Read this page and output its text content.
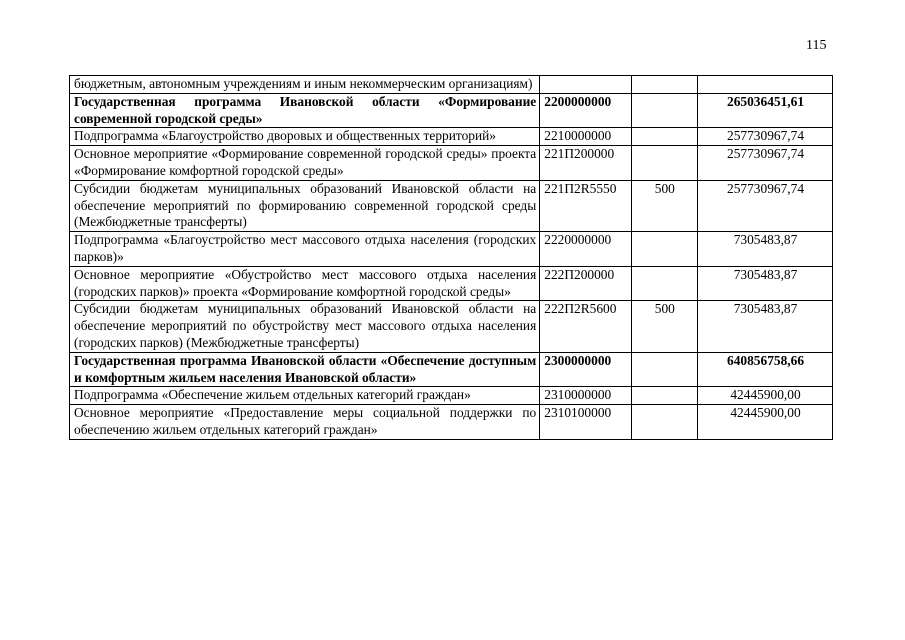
115
бюджетным, автономным учреждениям и иным некоммерческим организациям)			
Государственная программа Ивановской области «Формирование современной городской среды»	2200000000		265036451,61
Подпрограмма «Благоустройство дворовых и общественных территорий»	2210000000		257730967,74
Основное мероприятие «Формирование современной городской среды» проекта «Формирование комфортной городской среды»	221П200000		257730967,74
Субсидии бюджетам муниципальных образований Ивановской области на обеспечение мероприятий по формированию современной городской среды (Межбюджетные трансферты)	221П2R5550	500	257730967,74
Подпрограмма «Благоустройство мест массового отдыха населения (городских парков)»	2220000000		7305483,87
Основное мероприятие «Обустройство мест массового отдыха населения (городских парков)» проекта «Формирование комфортной городской среды»	222П200000		7305483,87
Субсидии бюджетам муниципальных образований Ивановской области на обеспечение мероприятий по обустройству мест массового отдыха населения (городских парков) (Межбюджетные трансферты)	222П2R5600	500	7305483,87
Государственная программа Ивановской области «Обеспечение доступным и комфортным жильем населения Ивановской области»	2300000000		640856758,66
Подпрограмма «Обеспечение жильем отдельных категорий граждан»	2310000000		42445900,00
Основное мероприятие «Предоставление меры социальной поддержки по обеспечению жильем отдельных категорий граждан»	2310100000		42445900,00
